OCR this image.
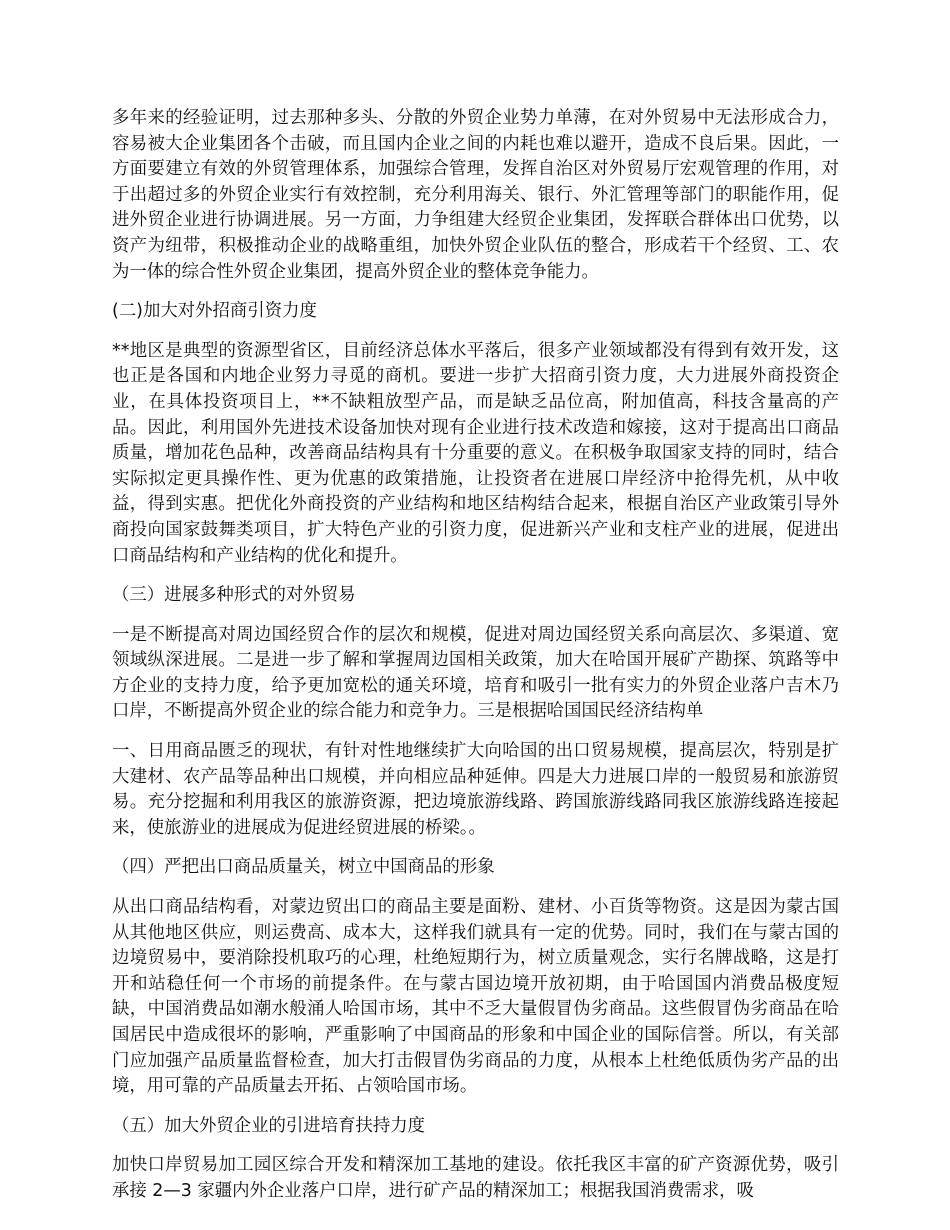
多年来的经验证明，过去那种多头、分散的外贸企业势力单薄，在对外贸易中无法形成合力，容易被大企业集团各个击破，而且国内企业之间的内耗也难以避开，造成不良后果。因此，一方面要建立有效的外贸管理体系，加强综合管理，发挥自治区对外贸易厅宏观管理的作用，对于出超过多的外贸企业实行有效控制，充分利用海关、银行、外汇管理等部门的职能作用，促进外贸企业进行协调进展。另一方面，力争组建大经贸企业集团，发挥联合群体出口优势，以资产为纽带，积极推动企业的战略重组，加快外贸企业队伍的整合，形成若干个经贸、工、农为一体的综合性外贸企业集团，提高外贸企业的整体竞争能力。

(二)加大对外招商引资力度

**地区是典型的资源型省区，目前经济总体水平落后，很多产业领域都没有得到有效开发，这也正是各国和内地企业努力寻觅的商机。要进一步扩大招商引资力度，大力进展外商投资企业，在具体投资项目上，**不缺粗放型产品，而是缺乏品位高，附加值高，科技含量高的产品。因此，利用国外先进技术设备加快对现有企业进行技术改造和嫁接，这对于提高出口商品质量，增加花色品种，改善商品结构具有十分重要的意义。在积极争取国家支持的同时，结合实际拟定更具操作性、更为优惠的政策措施，让投资者在进展口岸经济中抢得先机，从中收益，得到实惠。把优化外商投资的产业结构和地区结构结合起来，根据自治区产业政策引导外商投向国家鼓舞类项目，扩大特色产业的引资力度，促进新兴产业和支柱产业的进展，促进出口商品结构和产业结构的优化和提升。

（三）进展多种形式的对外贸易

一是不断提高对周边国经贸合作的层次和规模，促进对周边国经贸关系向高层次、多渠道、宽领域纵深进展。二是进一步了解和掌握周边国相关政策，加大在哈国开展矿产勘探、筑路等中方企业的支持力度，给予更加宽松的通关环境，培育和吸引一批有实力的外贸企业落户吉木乃口岸，不断提高外贸企业的综合能力和竞争力。三是根据哈国国民经济结构单

一、日用商品匮乏的现状，有针对性地继续扩大向哈国的出口贸易规模，提高层次，特别是扩大建材、农产品等品种出口规模，并向相应品种延伸。四是大力进展口岸的一般贸易和旅游贸易。充分挖掘和利用我区的旅游资源，把边境旅游线路、跨国旅游线路同我区旅游线路连接起来，使旅游业的进展成为促进经贸进展的桥梁。。

（四）严把出口商品质量关，树立中国商品的形象

从出口商品结构看，对蒙边贸出口的商品主要是面粉、建材、小百货等物资。这是因为蒙古国从其他地区供应，则运费高、成本大，这样我们就具有一定的优势。同时，我们在与蒙古国的边境贸易中，要消除投机取巧的心理，杜绝短期行为，树立质量观念，实行名牌战略，这是打开和站稳任何一个市场的前提条件。在与蒙古国边境开放初期，由于哈国国内消费品极度短缺，中国消费品如潮水般涌人哈国市场，其中不乏大量假冒伪劣商品。这些假冒伪劣商品在哈国居民中造成很坏的影响，严重影响了中国商品的形象和中国企业的国际信誉。所以，有关部门应加强产品质量监督检查，加大打击假冒伪劣商品的力度，从根本上杜绝低质伪劣产品的出境，用可靠的产品质量去开拓、占领哈国市场。

（五）加大外贸企业的引进培育扶持力度

加快口岸贸易加工园区综合开发和精深加工基地的建设。依托我区丰富的矿产资源优势，吸引承接 2—3 家疆内外企业落户口岸，进行矿产品的精深加工；根据我国消费需求，吸
